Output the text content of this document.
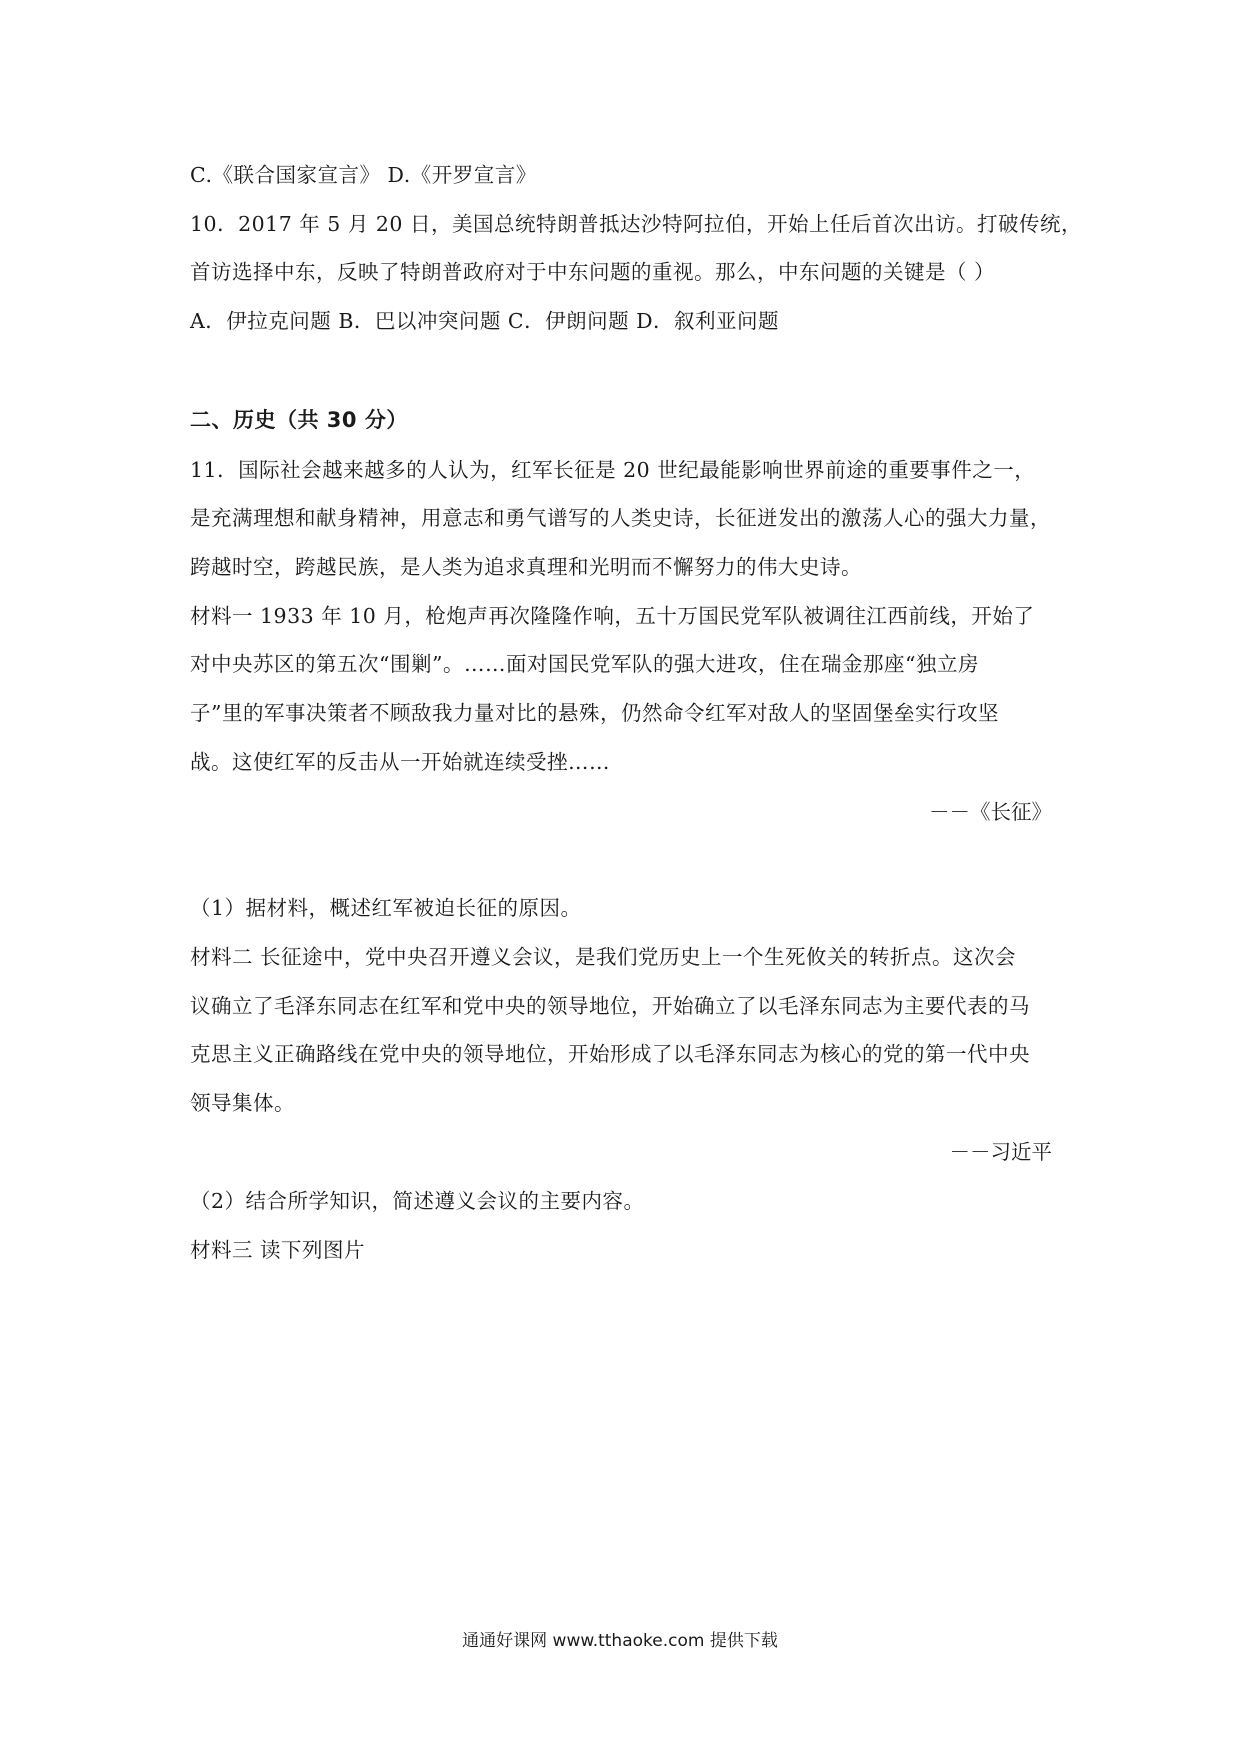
C.《联合国家宣言》 D.《开罗宣言》
10．2017 年 5 月 20 日，美国总统特朗普抵达沙特阿拉伯，开始上任后首次出访。打破传统，
首访选择中东，反映了特朗普政府对于中东问题的重视。那么，中东问题的关键是（ ）
A．伊拉克问题 B．巴以冲突问题 C．伊朗问题 D．叙利亚问题
二、历史（共 30 分）
11．国际社会越来越多的人认为，红军长征是 20 世纪最能影响世界前途的重要事件之一，
是充满理想和献身精神，用意志和勇气谱写的人类史诗，长征迸发出的激荡人心的强大力量，
跨越时空，跨越民族，是人类为追求真理和光明而不懈努力的伟大史诗。
材料一 1933 年 10 月，枪炮声再次隆隆作响，五十万国民党军队被调往江西前线，开始了
对中央苏区的第五次“围剿”。……面对国民党军队的强大进攻，住在瑞金那座“独立房
子”里的军事决策者不顾敌我力量对比的悬殊，仍然命令红军对敌人的坚固堡垒实行攻坚
战。这使红军的反击从一开始就连续受挫……
－－《长征》
（1）据材料，概述红军被迫长征的原因。
材料二 长征途中，党中央召开遵义会议，是我们党历史上一个生死攸关的转折点。这次会
议确立了毛泽东同志在红军和党中央的领导地位，开始确立了以毛泽东同志为主要代表的马
克思主义正确路线在党中央的领导地位，开始形成了以毛泽东同志为核心的党的第一代中央
领导集体。
－－习近平
（2）结合所学知识，简述遵义会议的主要内容。
材料三 读下列图片
通通好课网 www.tthaoke.com 提供下载
